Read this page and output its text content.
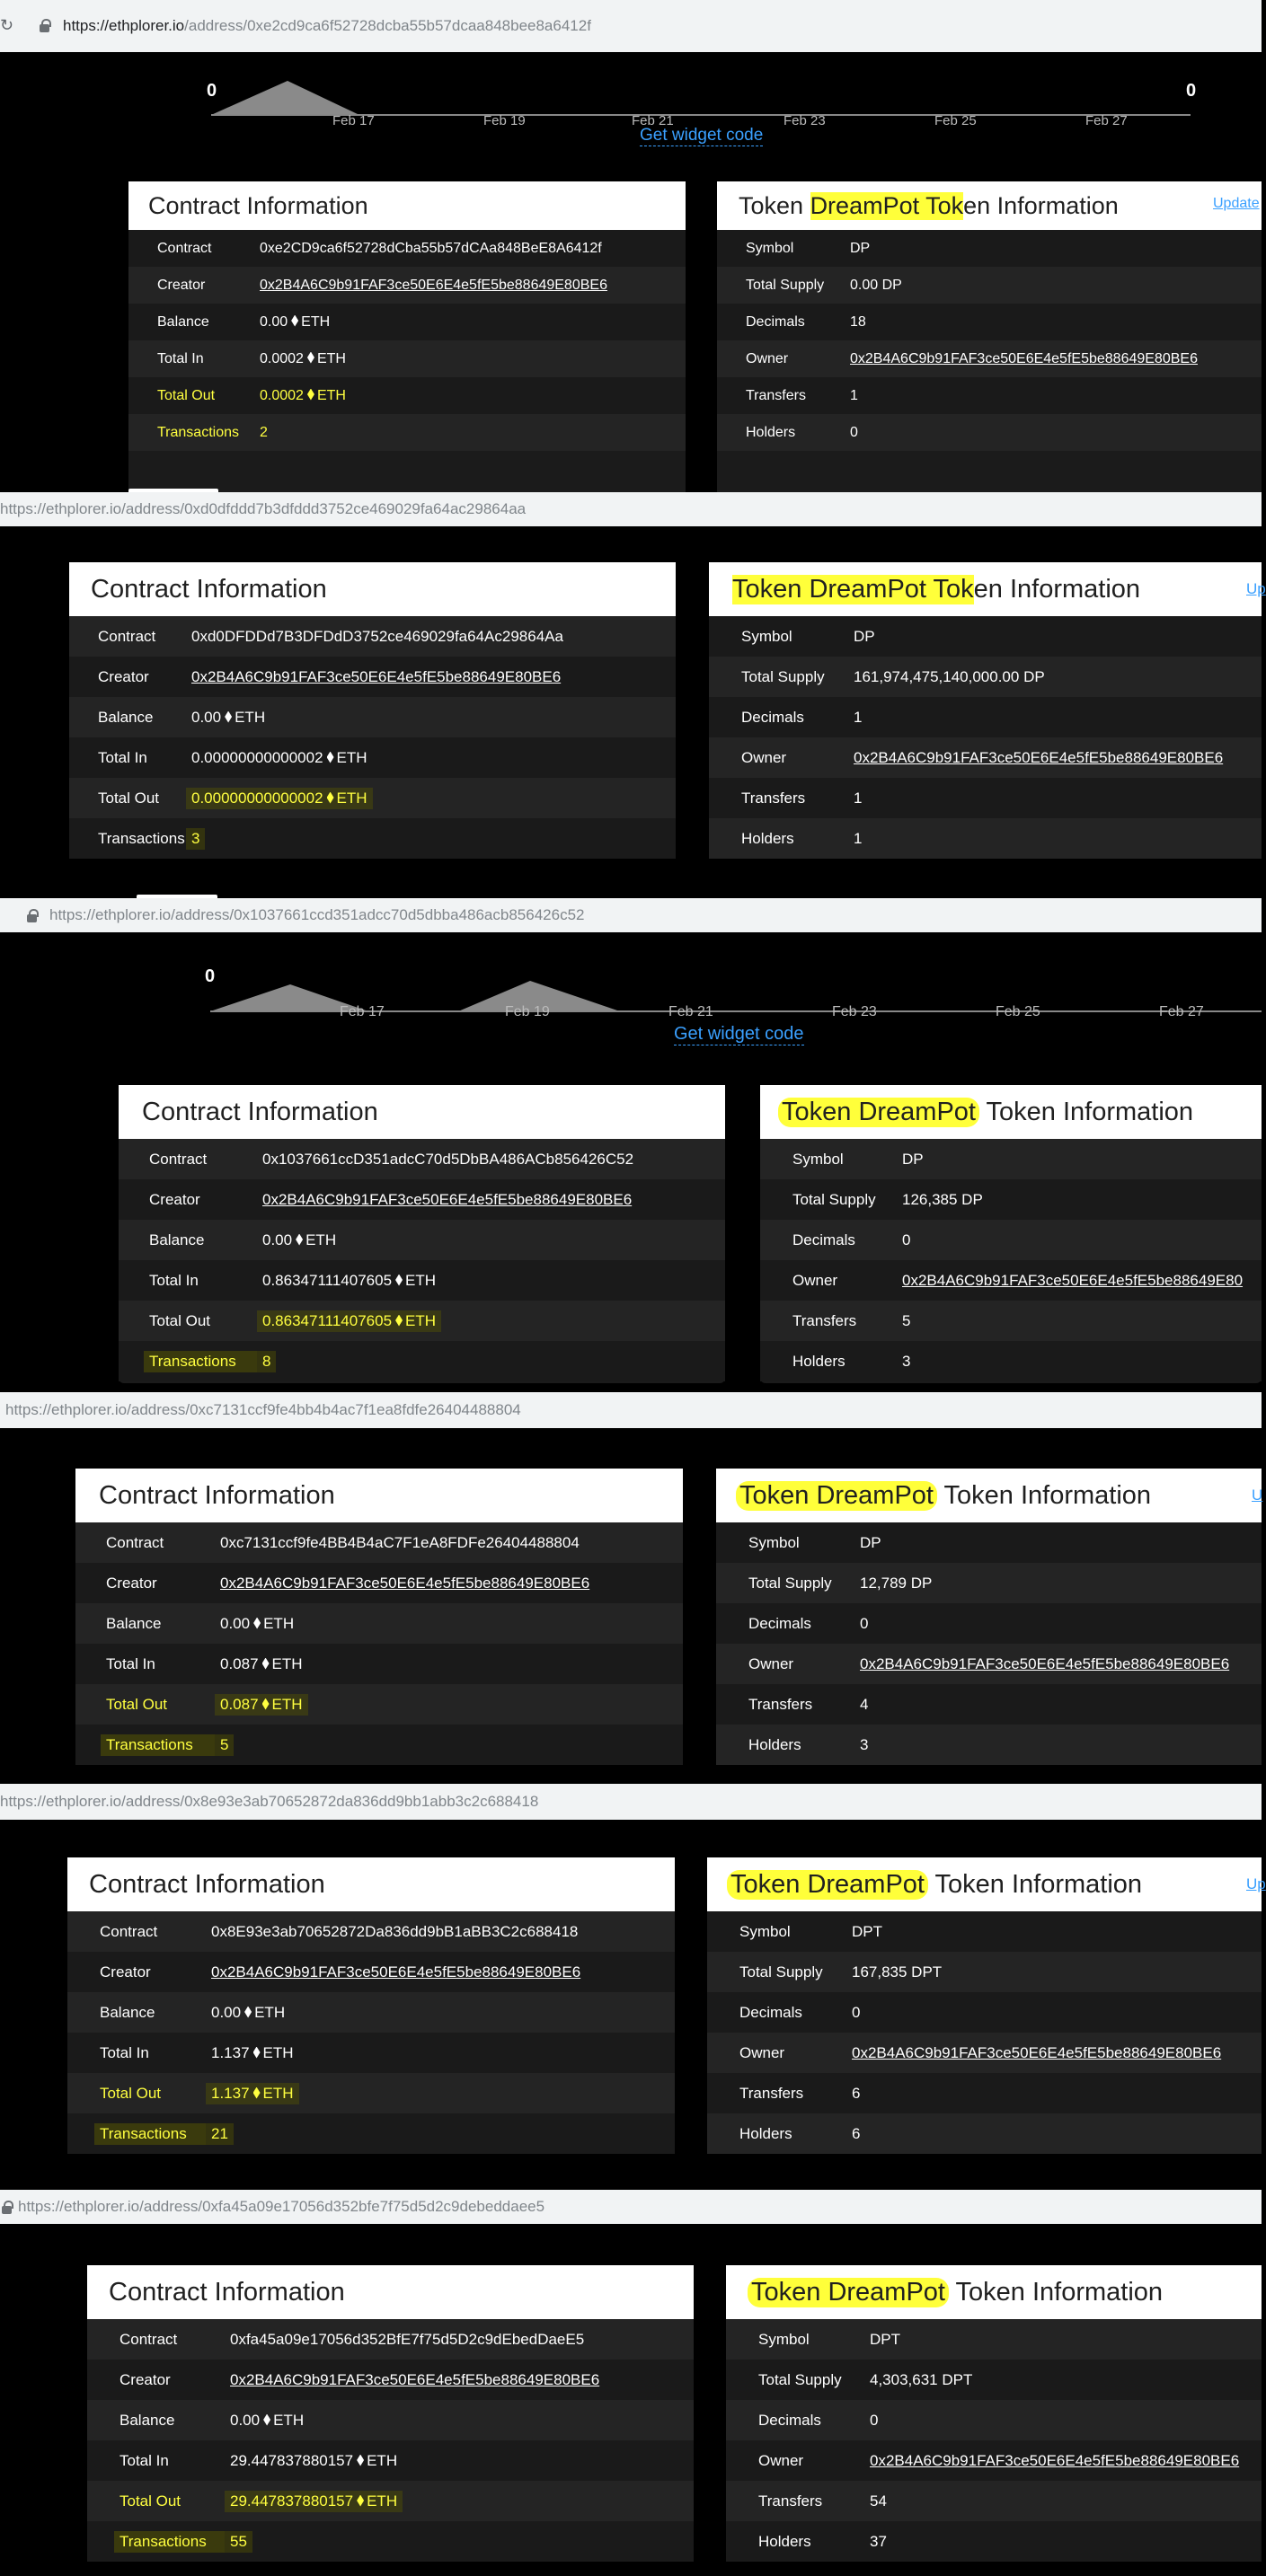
↻	https://ethplorer.io/address/0xe2cd9ca6f52728dcba55b57dcaa848bee8a6412f
0	0
Feb 17	Feb 19	Feb 21	Feb 23	Feb 25	Feb 27
Get widget code
Contract Information
Contract	0xe2CD9ca6f52728dCba55b57dCAa848BeE8A6412f
Creator	0x2B4A6C9b91FAF3ce50E6E4e5fE5be88649E80BE6
Balance	0.00 ETH
Total In	0.0002 ETH
Total Out	0.0002 ETH
Transactions	2
Token DreamPot Tok en Information	Update
Symbol	DP
Total Supply	0.00 DP
Decimals	18
Owner	0x2B4A6C9b91FAF3ce50E6E4e5fE5be88649E80BE6
Transfers	1
Holders	0
https://ethplorer.io/address/0xd0dfddd7b3dfddd3752ce469029fa64ac29864aa
Contract Information
Contract	0xd0DFDDd7B3DFDdD3752ce469029fa64Ac29864Aa
Creator	0x2B4A6C9b91FAF3ce50E6E4e5fE5be88649E80BE6
Balance	0.00 ETH
Total In	0.00000000000002 ETH
Total Out	0.00000000000002 ETH
Transactions 3
Token DreamPot Tok en Information	Up
Symbol	DP
Total Supply	161,974,475,140,000.00 DP
Decimals	1
Owner	0x2B4A6C9b91FAF3ce50E6E4e5fE5be88649E80BE6
Transfers	1
Holders	1
https://ethplorer.io/address/0x1037661ccd351adcc70d5dbba486acb856426c52
0
Feb 17	Feb 19	Feb 21	Feb 23	Feb 25	Feb 27
Get widget code
Contract Information
Contract	0x1037661ccD351adcC70d5DbBA486ACb856426C52
Creator	0x2B4A6C9b91FAF3ce50E6E4e5fE5be88649E80BE6
Balance	0.00 ETH
Total In	0.86347111407605 ETH
Total Out	0.86347111407605 ETH
Transactions	8
Token DreamPot Token Information
Symbol	DP
Total Supply	126,385 DP
Decimals	0
Owner	0x2B4A6C9b91FAF3ce50E6E4e5fE5be88649E80
Transfers	5
Holders	3
https://ethplorer.io/address/0xc7131ccf9fe4bb4b4ac7f1ea8fdfe26404488804
Contract Information
Contract	0xc7131ccf9fe4BB4B4aC7F1eA8FDFe26404488804
Creator	0x2B4A6C9b91FAF3ce50E6E4e5fE5be88649E80BE6
Balance	0.00 ETH
Total In	0.087 ETH
Total Out	0.087 ETH
Transactions	5
Token DreamPot Token Information	U
Symbol	DP
Total Supply	12,789 DP
Decimals	0
Owner	0x2B4A6C9b91FAF3ce50E6E4e5fE5be88649E80BE6
Transfers	4
Holders	3
https://ethplorer.io/address/0x8e93e3ab70652872da836dd9bb1abb3c2c688418
Contract Information
Contract	0x8E93e3ab70652872Da836dd9bB1aBB3C2c688418
Creator	0x2B4A6C9b91FAF3ce50E6E4e5fE5be88649E80BE6
Balance	0.00 ETH
Total In	1.137 ETH
Total Out	1.137 ETH
Transactions	21
Token DreamPot Token Information	Up
Symbol	DPT
Total Supply	167,835 DPT
Decimals	0
Owner	0x2B4A6C9b91FAF3ce50E6E4e5fE5be88649E80BE6
Transfers	6
Holders	6
https://ethplorer.io/address/0xfa45a09e17056d352bfe7f75d5d2c9debeddaee5
Contract Information
Contract	0xfa45a09e17056d352BfE7f75d5D2c9dEbedDaeE5
Creator	0x2B4A6C9b91FAF3ce50E6E4e5fE5be88649E80BE6
Balance	0.00 ETH
Total In	29.447837880157 ETH
Total Out	29.447837880157 ETH
Transactions	55
Token DreamPot Token Information
Symbol	DPT
Total Supply	4,303,631 DPT
Decimals	0
Owner	0x2B4A6C9b91FAF3ce50E6E4e5fE5be88649E80BE6
Transfers	54
Holders	37
